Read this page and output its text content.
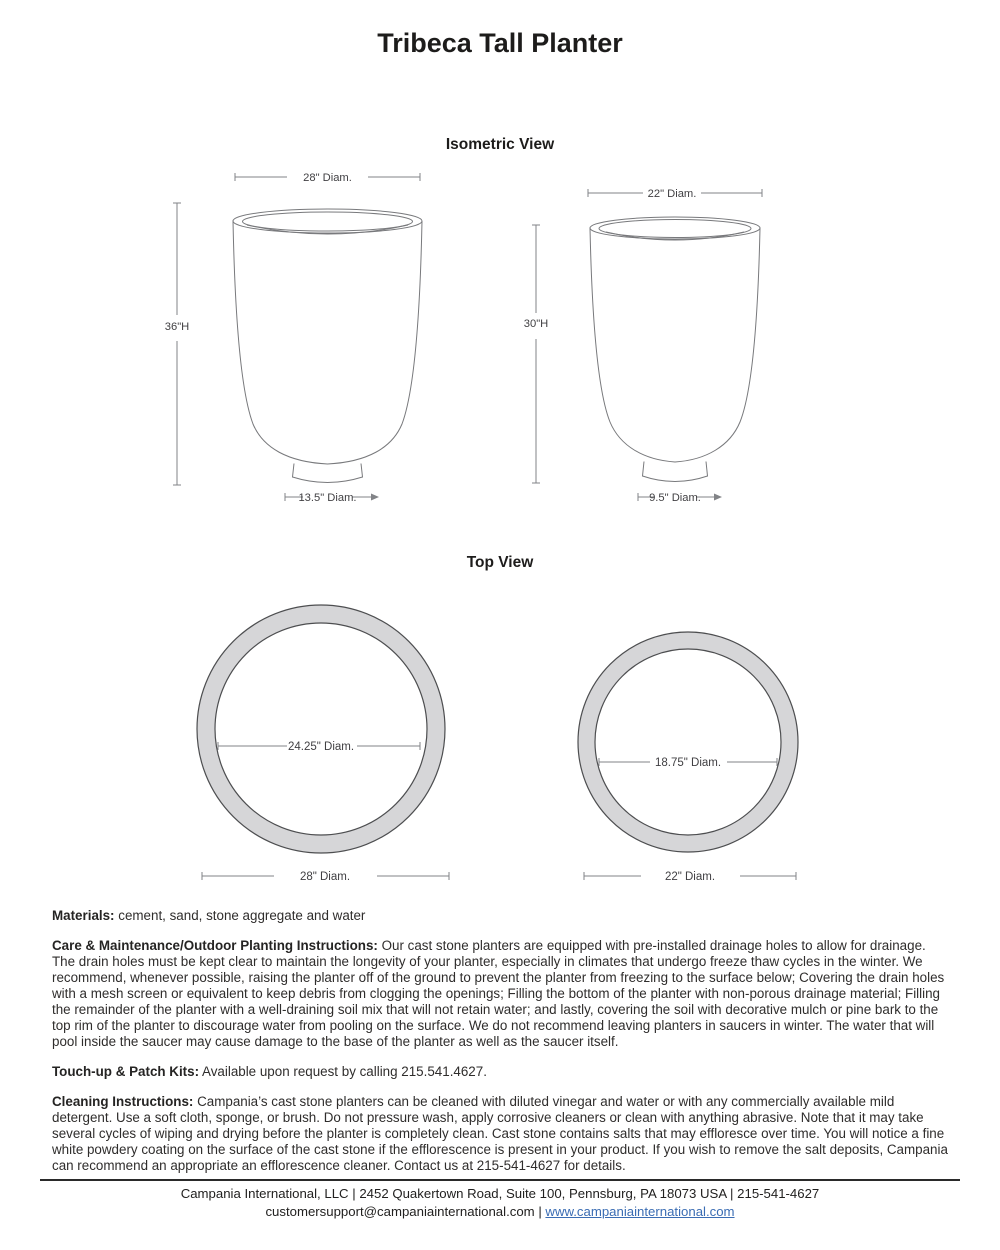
Tribeca Tall Planter
Isometric View
28" Diam.
36"H
13.5" Diam.
22" Diam.
30"H
9.5" Diam.
Top View
24.25" Diam.
28" Diam.
18.75" Diam.
22" Diam.

Materials: cement, sand, stone aggregate and water

Care & Maintenance/Outdoor Planting Instructions: Our cast stone planters are equipped with pre-installed drainage holes to allow for drainage. The drain holes must be kept clear to maintain the longevity of your planter, especially in climates that undergo freeze thaw cycles in the winter. We recommend, whenever possible, raising the planter off of the ground to prevent the planter from freezing to the surface below; Covering the drain holes with a mesh screen or equivalent to keep debris from clogging the openings; Filling the bottom of the planter with non-porous drainage material; Filling the remainder of the planter with a well-draining soil mix that will not retain water; and lastly, covering the soil with decorative mulch or pine bark to the top rim of the planter to discourage water from pooling on the surface. We do not recommend leaving planters in saucers in winter. The water that will pool inside the saucer may cause damage to the base of the planter as well as the saucer itself.

Touch-up & Patch Kits: Available upon request by calling 215.541.4627.

Cleaning Instructions: Campania’s cast stone planters can be cleaned with diluted vinegar and water or with any commercially available mild detergent. Use a soft cloth, sponge, or brush. Do not pressure wash, apply corrosive cleaners or clean with anything abrasive. Note that it may take several cycles of wiping and drying before the planter is completely clean. Cast stone contains salts that may effloresce over time. You will notice a fine white powdery coating on the surface of the cast stone if the efflorescence is present in your product. If you wish to remove the salt deposits, Campania can recommend an appropriate an efflorescence cleaner. Contact us at 215-541-4627 for details.

Campania International, LLC | 2452 Quakertown Road, Suite 100, Pennsburg, PA 18073 USA | 215-541-4627
customersupport@campaniainternational.com | www.campaniainternational.com
